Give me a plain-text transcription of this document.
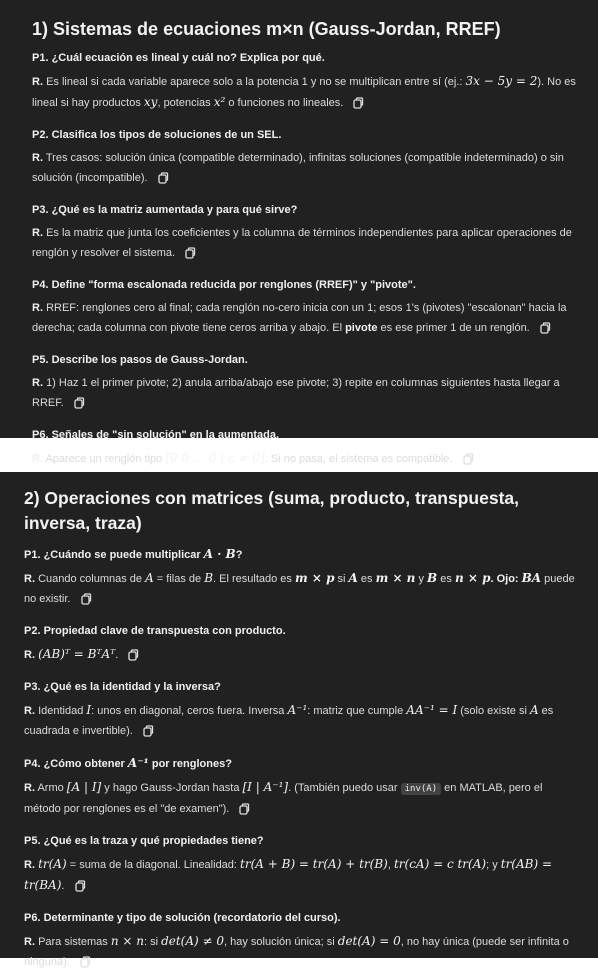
1) Sistemas de ecuaciones m×n (Gauss-Jordan, RREF)
P1. ¿Cuál ecuación es lineal y cuál no? Explica por qué.
R. Es lineal si cada variable aparece solo a la potencia 1 y no se multiplican entre sí (ej.: 3x − 5y = 2). No es lineal si hay productos xy, potencias x² o funciones no lineales.
P2. Clasifica los tipos de soluciones de un SEL.
R. Tres casos: solución única (compatible determinado), infinitas soluciones (compatible indeterminado) o sin solución (incompatible).
P3. ¿Qué es la matriz aumentada y para qué sirve?
R. Es la matriz que junta los coeficientes y la columna de términos independientes para aplicar operaciones de renglón y resolver el sistema.
P4. Define "forma escalonada reducida por renglones (RREF)" y "pivote".
R. RREF: renglones cero al final; cada renglón no-cero inicia con un 1; esos 1's (pivotes) "escalonan" hacia la derecha; cada columna con pivote tiene ceros arriba y abajo. El pivote es ese primer 1 de un renglón.
P5. Describe los pasos de Gauss-Jordan.
R. 1) Haz 1 el primer pivote; 2) anula arriba/abajo ese pivote; 3) repite en columnas siguientes hasta llegar a RREF.
P6. Señales de "sin solución" en la aumentada.
R. Aparece un renglón tipo [0 0 … 0 | c ≠ 0]. Si no pasa, el sistema es compatible.
2) Operaciones con matrices (suma, producto, transpuesta, inversa, traza)
P1. ¿Cuándo se puede multiplicar A · B?
R. Cuando columnas de A = filas de B. El resultado es m × p si A es m × n y B es n × p. Ojo: BA puede no existir.
P2. Propiedad clave de transpuesta con producto.
R. (AB)ᵀ = BᵀAᵀ.
P3. ¿Qué es la identidad y la inversa?
R. Identidad I: unos en diagonal, ceros fuera. Inversa A⁻¹: matriz que cumple AA⁻¹ = I (solo existe si A es cuadrada e invertible).
P4. ¿Cómo obtener A⁻¹ por renglones?
R. Armo [A | I] y hago Gauss-Jordan hasta [I | A⁻¹]. (También puedo usar inv(A) en MATLAB, pero el método por renglones es el "de examen").
P5. ¿Qué es la traza y qué propiedades tiene?
R. tr(A) = suma de la diagonal. Linealidad: tr(A + B) = tr(A) + tr(B), tr(cA) = c tr(A); y tr(AB) = tr(BA).
P6. Determinante y tipo de solución (recordatorio del curso).
R. Para sistemas n × n: si det(A) ≠ 0, hay solución única; si det(A) = 0, no hay única (puede ser infinita o ninguna).
